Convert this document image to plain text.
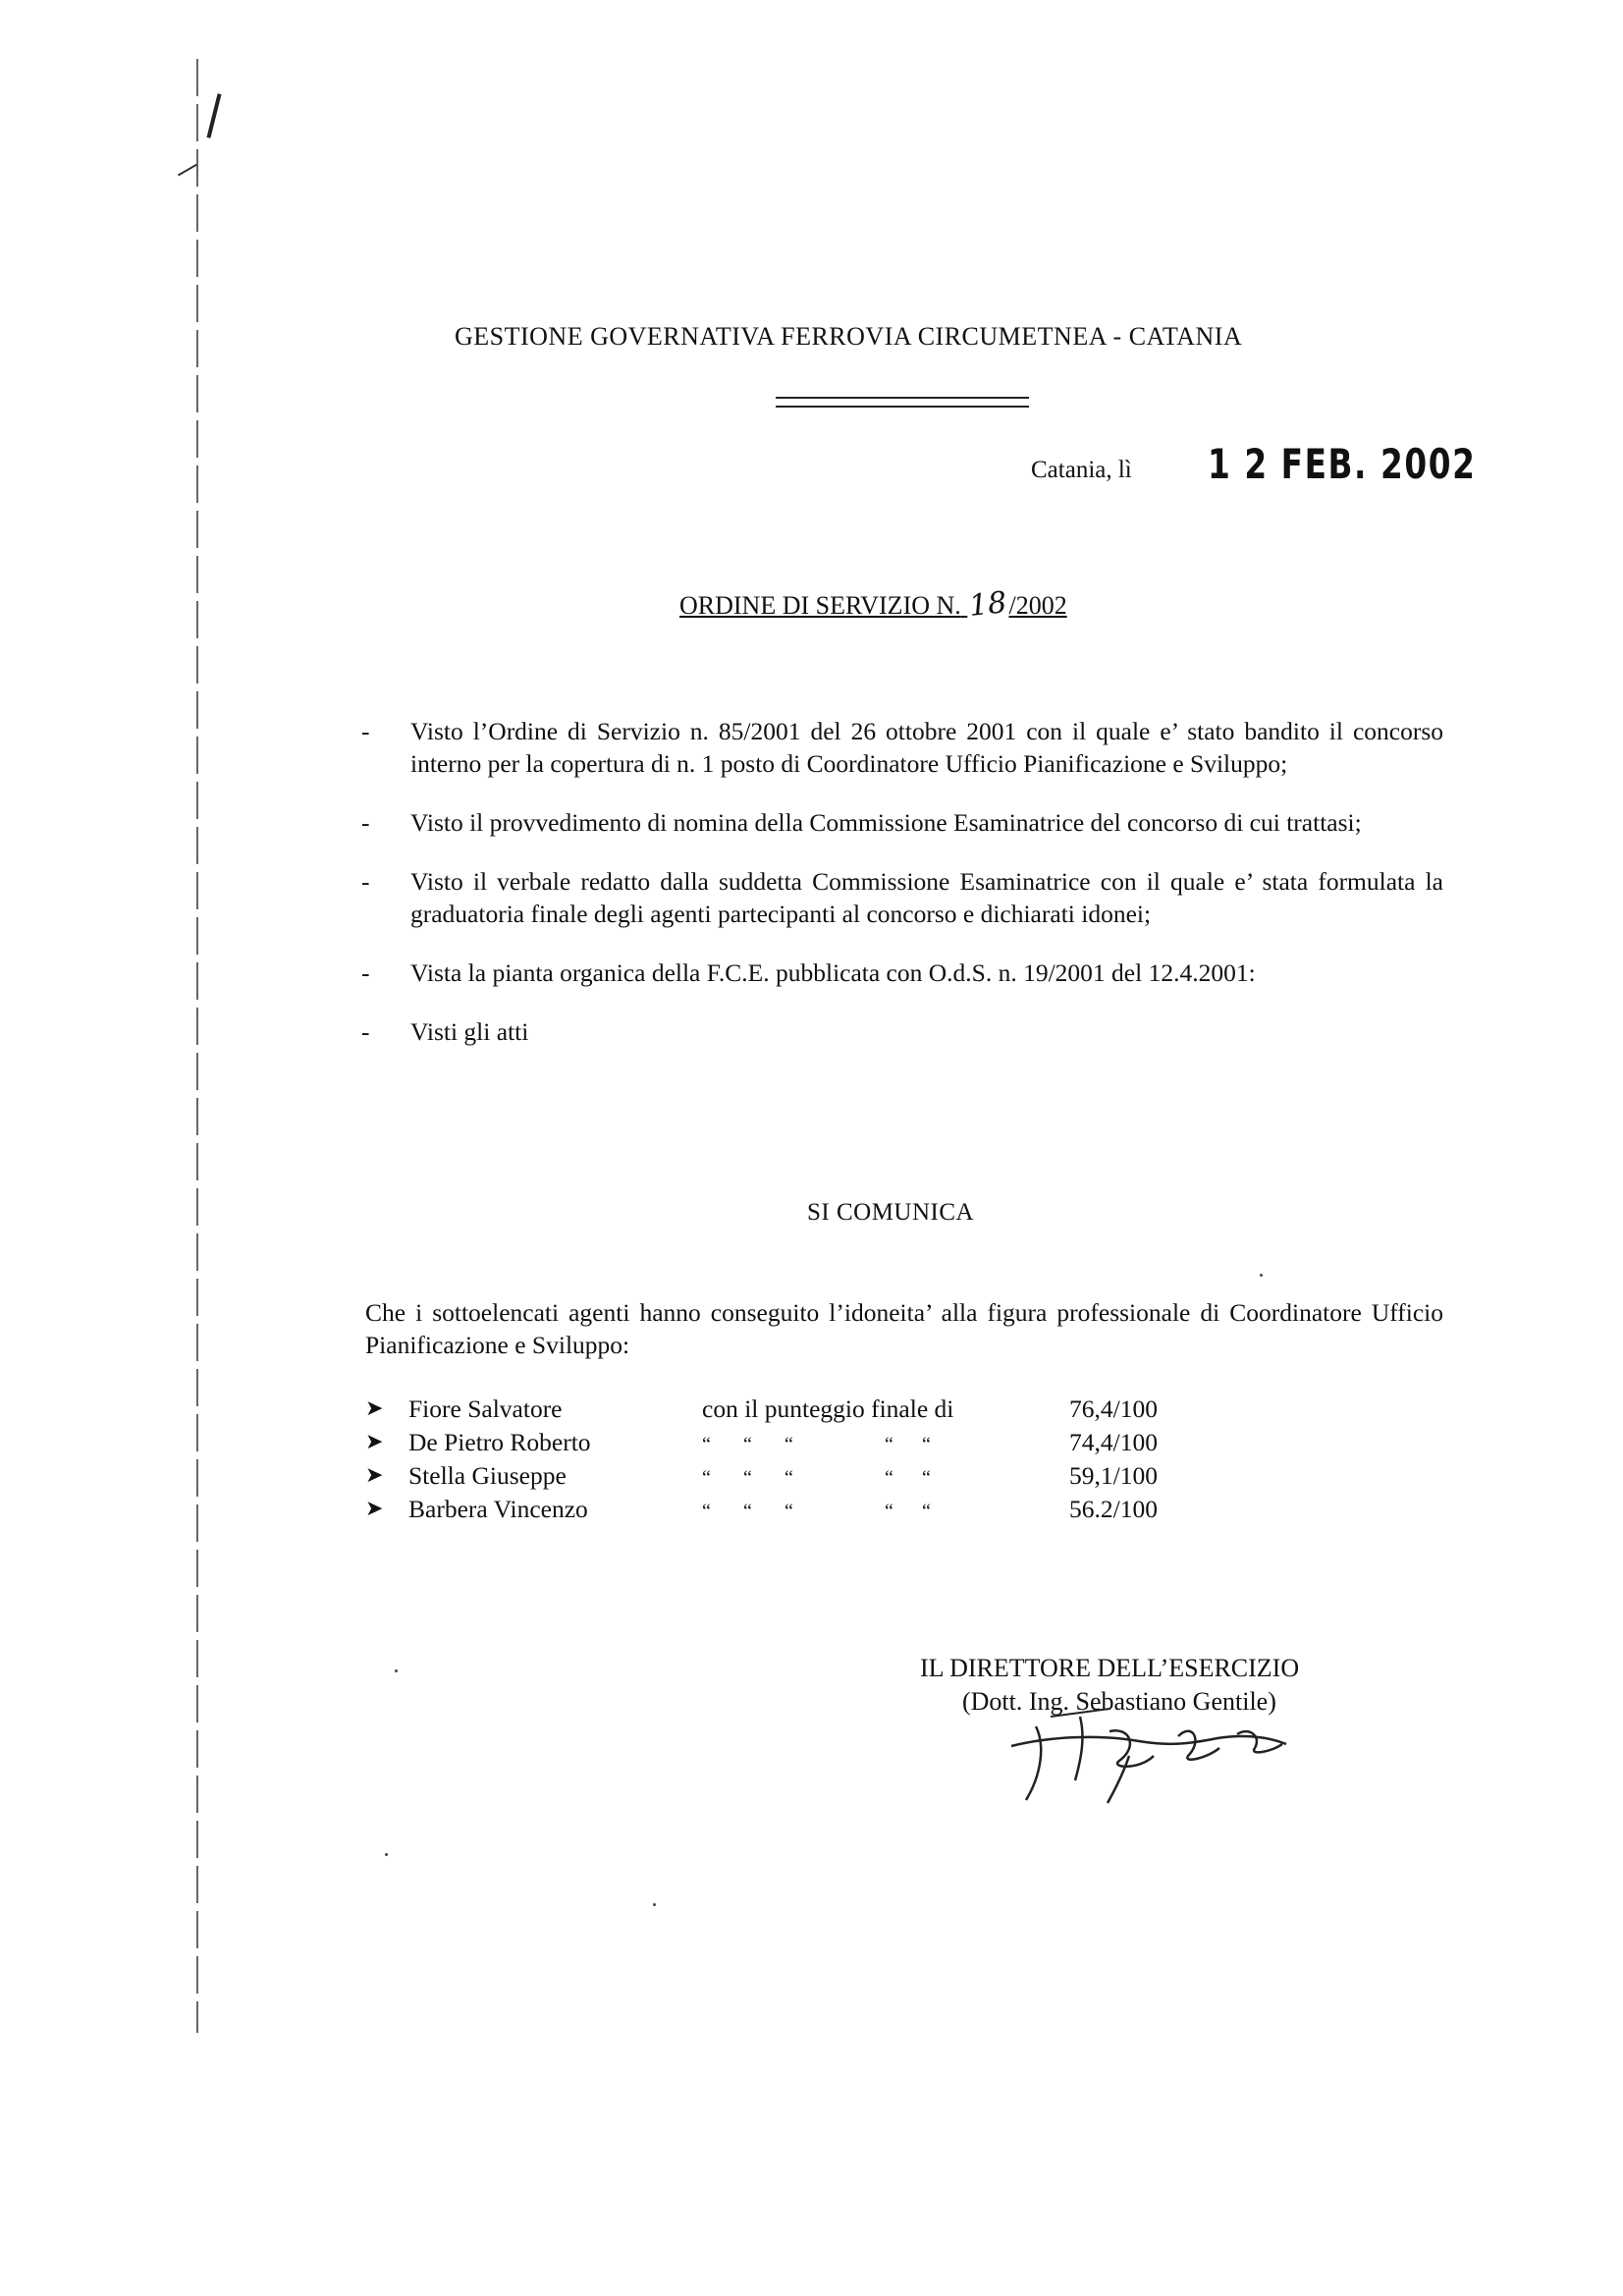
GESTIONE GOVERNATIVA FERROVIA CIRCUMETNEA - CATANIA
Catania, lì 1 2 FEB. 2002
ORDINE DI SERVIZIO N. 18/2002
- Visto l’Ordine di Servizio n. 85/2001 del 26 ottobre 2001 con il quale e’ stato bandito il concorso interno per la copertura di n. 1 posto di Coordinatore Ufficio Pianificazione e Sviluppo;
- Visto il provvedimento di nomina della Commissione Esaminatrice del concorso di cui trattasi;
- Visto il verbale redatto dalla suddetta Commissione Esaminatrice con il quale e’ stata formulata la graduatoria finale degli agenti partecipanti al concorso e dichiarati idonei;
- Vista la pianta organica della F.C.E. pubblicata con O.d.S. n. 19/2001 del 12.4.2001:
- Visti gli atti
SI COMUNICA
Che i sottoelencati agenti hanno conseguito l’idoneita’ alla figura professionale di Coordinatore Ufficio Pianificazione e Sviluppo:
➤ Fiore Salvatore	con il punteggio finale di	76,4/100
➤ De Pietro Roberto	“ “ “	“ “	74,4/100
➤ Stella Giuseppe	“ “ “	“ “	59,1/100
➤ Barbera Vincenzo	“ “ “	“ “	56.2/100
IL DIRETTORE DELL’ESERCIZIO
(Dott. Ing. Sebastiano Gentile)
